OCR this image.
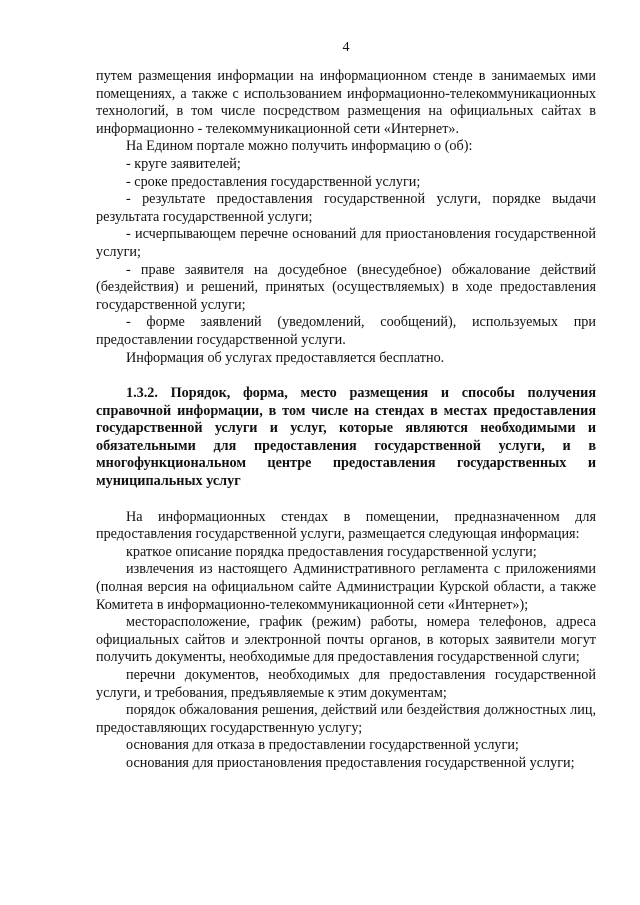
4

путем размещения информации на информационном стенде в занимаемых ими помещениях, а также с использованием информационно-телекоммуникационных технологий, в том числе посредством размещения на официальных сайтах в информационно - телекоммуникационной сети «Интернет».

На Едином портале можно получить информацию о (об):

- круге заявителей;

- сроке предоставления государственной услуги;

- результате предоставления государственной услуги, порядке выдачи результата государственной услуги;

- исчерпывающем перечне оснований для приостановления государственной услуги;

- праве заявителя на досудебное (внесудебное) обжалование действий (бездействия) и решений, принятых (осуществляемых) в ходе предоставления государственной услуги;

- форме заявлений (уведомлений, сообщений), используемых при предоставлении государственной услуги.

Информация об услугах предоставляется бесплатно.

1.3.2. Порядок, форма, место размещения и способы получения справочной информации, в том числе на стендах в местах предоставления государственной услуги и услуг, которые являются необходимыми и обязательными для предоставления государственной услуги, и в многофункциональном центре предоставления государственных и муниципальных услуг

На информационных стендах в помещении, предназначенном для предоставления государственной услуги, размещается следующая информация:

краткое описание порядка предоставления государственной услуги;

извлечения из настоящего Административного регламента с приложениями (полная версия на официальном сайте Администрации Курской области, а также Комитета в информационно-телекоммуникационной сети «Интернет»);

месторасположение, график (режим) работы, номера телефонов, адреса официальных сайтов и электронной почты органов, в которых заявители могут получить документы, необходимые для предоставления государственной слуги;

перечни документов, необходимых для предоставления государственной услуги, и требования, предъявляемые к этим документам;

порядок обжалования решения, действий или бездействия должностных лиц, предоставляющих государственную услугу;

основания для отказа в предоставлении государственной услуги;

основания для приостановления предоставления государственной услуги;
